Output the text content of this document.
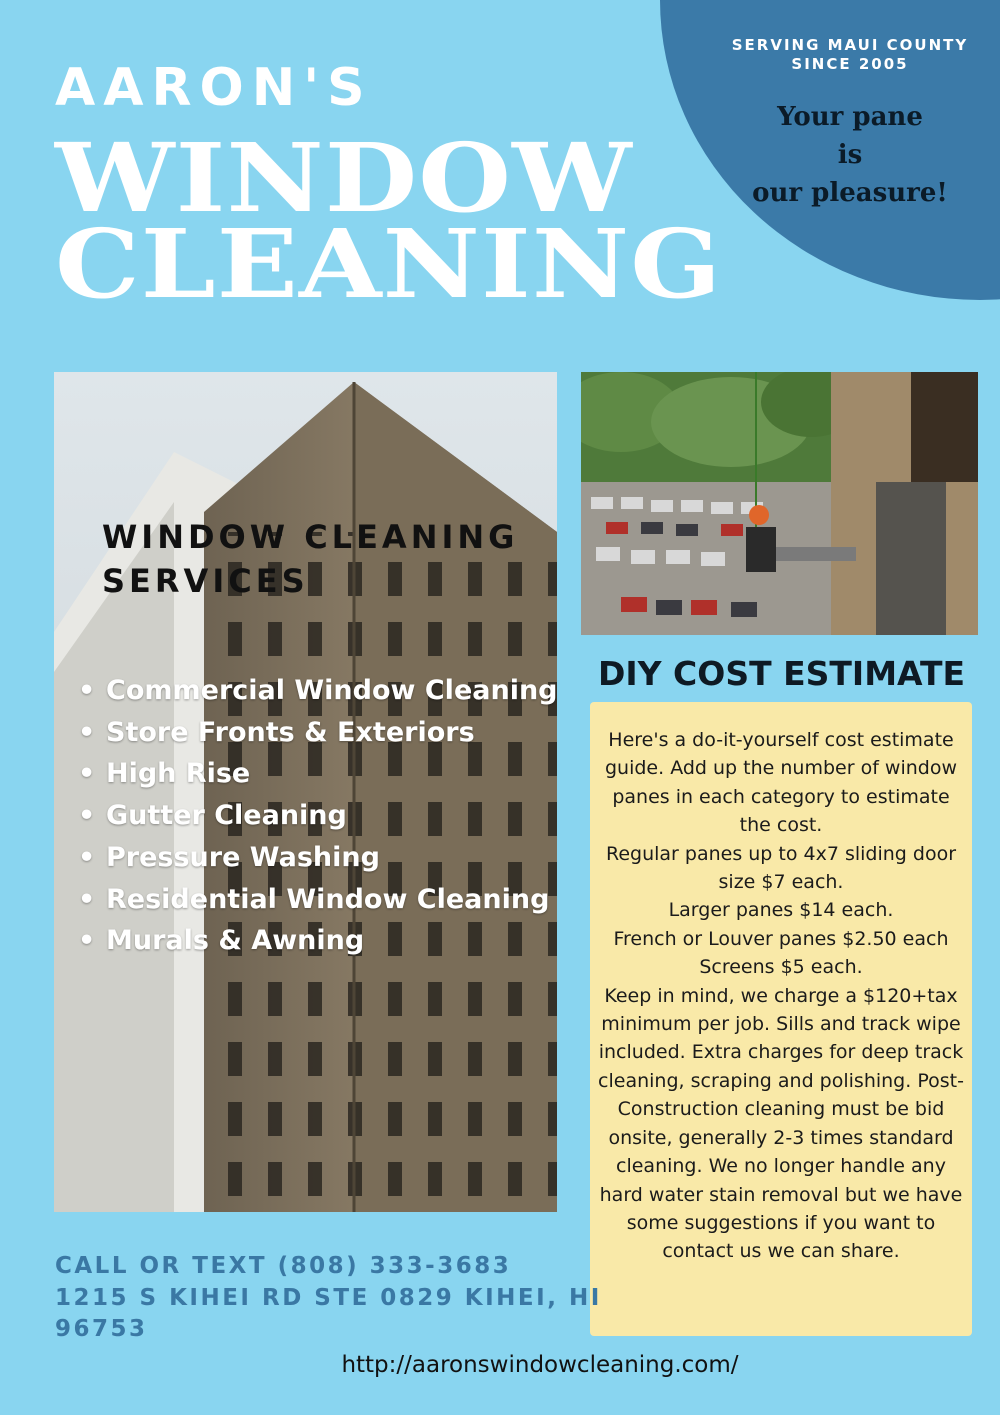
SERVING MAUI COUNTY
SINCE 2005
Your pane
is
our pleasure!
AARON'S
WINDOW
CLEANING
WINDOW CLEANING
SERVICES
• Commercial Window Cleaning
• Store Fronts & Exteriors
• High Rise
• Gutter Cleaning
• Pressure Washing
• Residential Window Cleaning
• Murals & Awning
DIY COST ESTIMATE

Here's a do-it-yourself cost estimate guide. Add up the number of window panes in each category to estimate the cost.

Regular panes up to 4x7 sliding door size $7 each.

Larger panes $14 each.

French or Louver panes $2.50 each

Screens $5 each.

Keep in mind, we charge a $120+tax minimum per job. Sills and track wipe included. Extra charges for deep track cleaning, scraping and polishing. Post-Construction cleaning must be bid onsite, generally 2-3 times standard cleaning. We no longer handle any hard water stain removal but we have some suggestions if you want to contact us we can share.

CALL OR TEXT (808) 333-3683
1215 S KIHEI RD STE 0829 KIHEI, HI
96753
http://aaronswindowcleaning.com/
